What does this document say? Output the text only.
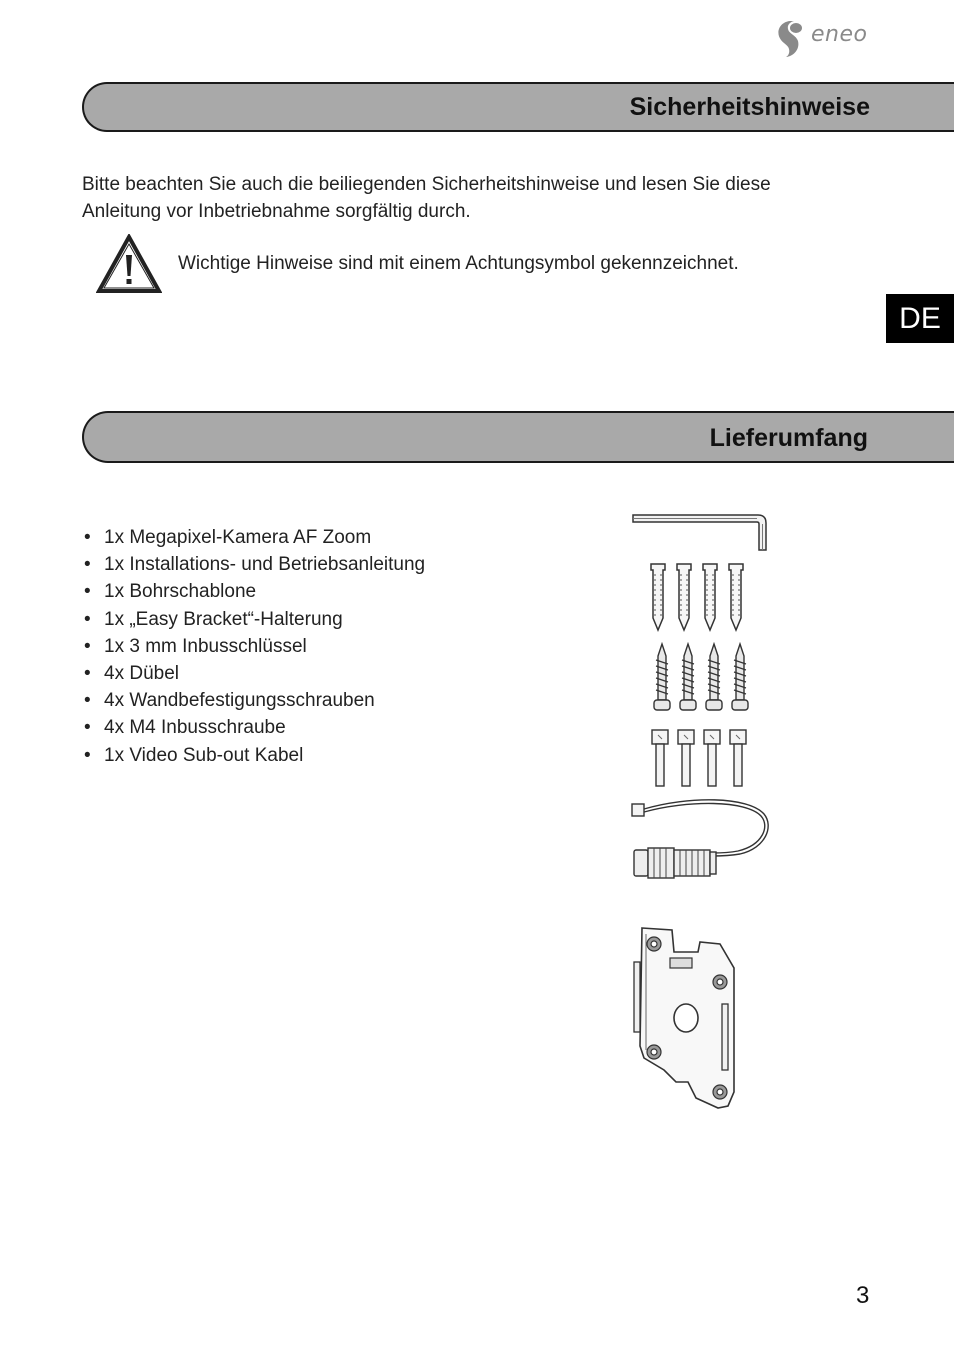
eneo
Sicherheitshinweise
Bitte beachten Sie auch die beiliegenden Sicherheitshinweise und lesen Sie diese
Anleitung vor Inbetriebnahme sorgfältig durch.
Wichtige Hinweise sind mit einem Achtungsymbol gekennzeichnet.
DE
Lieferumfang
• 1x Megapixel-Kamera AF Zoom
• 1x Installations- und Betriebsanleitung
• 1x Bohrschablone
• 1x „Easy Bracket“-Halterung
• 1x 3 mm Inbusschlüssel
• 4x Dübel
• 4x Wandbefestigungsschrauben
• 4x M4 Inbusschraube
• 1x Video Sub-out Kabel
3
